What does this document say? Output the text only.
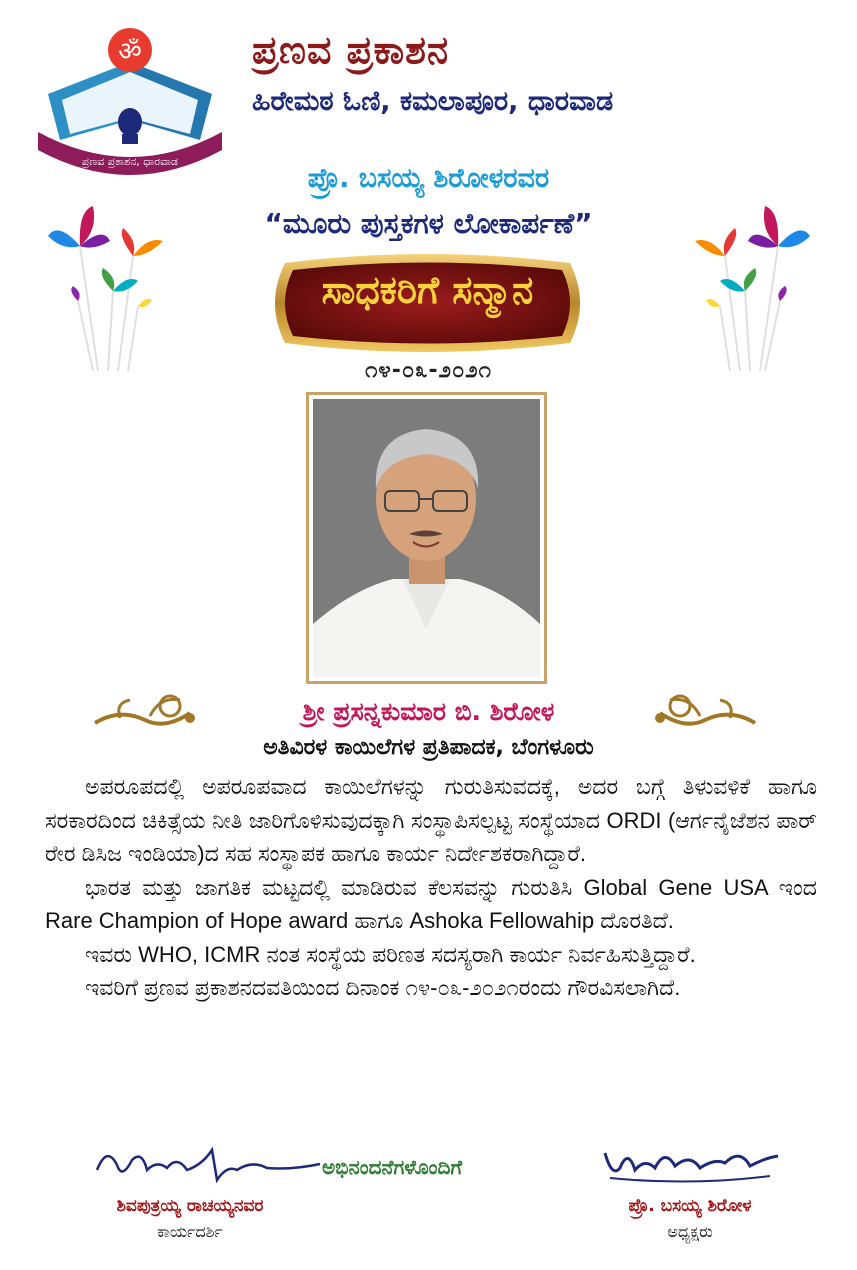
ॐ
ಪ್ರಣವ ಪ್ರಕಾಶನ, ಧಾರವಾಡ
ಪ್ರಣವ ಪ್ರಕಾಶನ
ಹಿರೇಮಠ ಓಣಿ, ಕಮಲಾಪೂರ, ಧಾರವಾಡ
ಪ್ರೊ. ಬಸಯ್ಯ ಶಿರೋಳರವರ
“ಮೂರು ಪುಸ್ತಕಗಳ ಲೋಕಾರ್ಪಣೆ”
ಸಾಧಕರಿಗೆ ಸನ್ಮಾನ
೧೪-೦೩-೨೦೨೧
ಶ್ರೀ ಪ್ರಸನ್ನಕುಮಾರ ಬಿ. ಶಿರೋಳ
ಅತಿವಿರಳ ಕಾಯಿಲೆಗಳ ಪ್ರತಿಪಾದಕ, ಬೆಂಗಳೂರು

ಅಪರೂಪದಲ್ಲಿ ಅಪರೂಪವಾದ ಕಾಯಿಲೆಗಳನ್ನು ಗುರುತಿಸುವದಕ್ಕೆ, ಅದರ ಬಗ್ಗೆ ತಿಳುವಳಿಕೆ ಹಾಗೂ ಸರಕಾರದಿಂದ ಚಿಕಿತ್ಸೆಯ ನೀತಿ ಜಾರಿಗೊಳಿಸುವುದಕ್ಕಾಗಿ ಸಂಸ್ಥಾಪಿಸಲ್ಪಟ್ಟ ಸಂಸ್ಥೆಯಾದ ORDI (ಆರ್ಗನೈಜೆಶನ ಪಾರ್ ರೇರ ಡಿಸಿಜ ಇಂಡಿಯಾ)ದ ಸಹ ಸಂಸ್ಥಾಪಕ ಹಾಗೂ ಕಾರ್ಯ ನಿರ್ದೇಶಕರಾಗಿದ್ದಾರೆ.

ಭಾರತ ಮತ್ತು ಜಾಗತಿಕ ಮಟ್ಟದಲ್ಲಿ ಮಾಡಿರುವ ಕೆಲಸವನ್ನು ಗುರುತಿಸಿ Global Gene USA ಇಂದ Rare Champion of Hope award ಹಾಗೂ Ashoka Fellowahip ದೊರತಿದೆ.

ಇವರು WHO, ICMR ನಂತ ಸಂಸ್ಥೆಯ ಪರಿಣತ ಸದಸ್ಯರಾಗಿ ಕಾರ್ಯ ನಿರ್ವಹಿಸುತ್ತಿದ್ದಾರೆ.

ಇವರಿಗೆ ಪ್ರಣವ ಪ್ರಕಾಶನದವತಿಯಿಂದ ದಿನಾಂಕ ೧೪-೦೩-೨೦೨೧ರಂದು ಗೌರವಿಸಲಾಗಿದೆ.

ಅಭಿನಂದನೆಗಳೊಂದಿಗೆ
ಶಿವಪುತ್ರಯ್ಯ ರಾಚಯ್ಯನವರ
ಕಾರ್ಯದರ್ಶಿ
ಪ್ರೊ. ಬಸಯ್ಯ ಶಿರೋಳ
ಅಧ್ಯಕ್ಷರು
